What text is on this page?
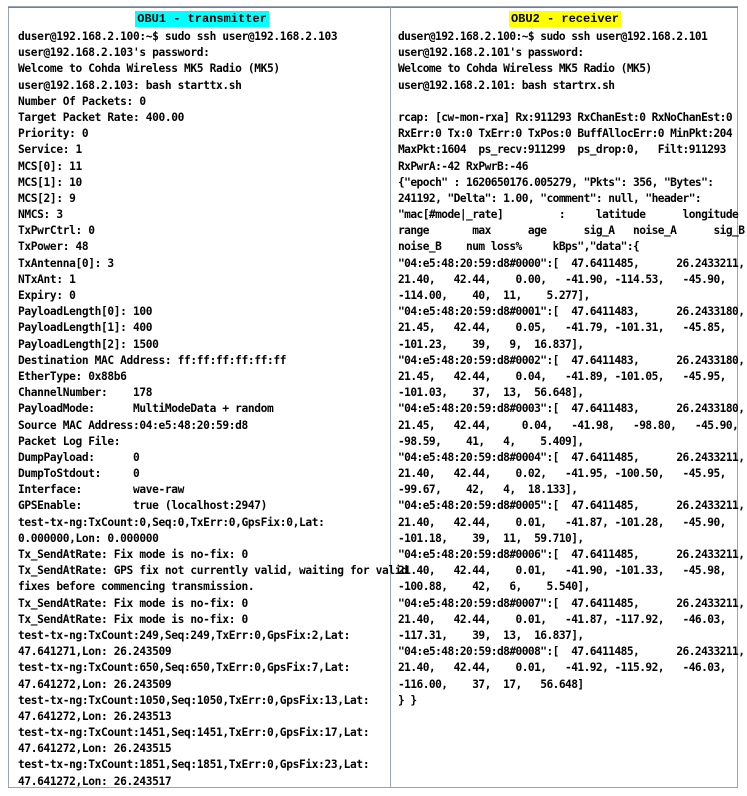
OBU1 - transmitter
duser@192.168.2.100:~$ sudo ssh user@192.168.2.103
user@192.168.2.103's password:
Welcome to Cohda Wireless MK5 Radio (MK5)
user@192.168.2.103: bash starttx.sh
Number Of Packets: 0
Target Packet Rate: 400.00
Priority: 0
Service: 1
MCS[0]: 11
MCS[1]: 10
MCS[2]: 9
NMCS: 3
TxPwrCtrl: 0
TxPower: 48
TxAntenna[0]: 3
NTxAnt: 1
Expiry: 0
PayloadLength[0]: 100
PayloadLength[1]: 400
PayloadLength[2]: 1500
Destination MAC Address: ff:ff:ff:ff:ff:ff
EtherType: 0x88b6
ChannelNumber:    178
PayloadMode:      MultiModeData + random
Source MAC Address:04:e5:48:20:59:d8
Packet Log File:
DumpPayload:      0
DumpToStdout:     0
Interface:        wave-raw
GPSEnable:        true (localhost:2947)
test-tx-ng:TxCount:0,Seq:0,TxErr:0,GpsFix:0,Lat:
0.000000,Lon: 0.000000
Tx_SendAtRate: Fix mode is no-fix: 0
Tx_SendAtRate: GPS fix not currently valid, waiting for valid
fixes before commencing transmission.
Tx_SendAtRate: Fix mode is no-fix: 0
Tx_SendAtRate: Fix mode is no-fix: 0
test-tx-ng:TxCount:249,Seq:249,TxErr:0,GpsFix:2,Lat:
47.641271,Lon: 26.243509
test-tx-ng:TxCount:650,Seq:650,TxErr:0,GpsFix:7,Lat:
47.641272,Lon: 26.243509
test-tx-ng:TxCount:1050,Seq:1050,TxErr:0,GpsFix:13,Lat:
47.641272,Lon: 26.243513
test-tx-ng:TxCount:1451,Seq:1451,TxErr:0,GpsFix:17,Lat:
47.641272,Lon: 26.243515
test-tx-ng:TxCount:1851,Seq:1851,TxErr:0,GpsFix:23,Lat:
47.641272,Lon: 26.243517
OBU2 - receiver
duser@192.168.2.100:~$ sudo ssh user@192.168.2.101
user@192.168.2.101's password:
Welcome to Cohda Wireless MK5 Radio (MK5)
user@192.168.2.101: bash startrx.sh
rcap: [cw-mon-rxa] Rx:911293 RxChanEst:0 RxNoChanEst:0
RxErr:0 Tx:0 TxErr:0 TxPos:0 BuffAllocErr:0 MinPkt:204
MaxPkt:1604  ps_recv:911299  ps_drop:0,   Filt:911293
RxPwrA:-42 RxPwrB:-46
{"epoch" : 1620650176.005279, "Pkts": 356, "Bytes":
241192, "Delta": 1.00, "comment": null, "header":
"mac[#mode|_rate]         :     latitude      longitude
range       max      age      sig_A   noise_A      sig_B
noise_B    num loss%     kBps","data":{
"04:e5:48:20:59:d8#0000":[  47.6411485,      26.2433211,
21.40,   42.44,    0.00,   -41.90, -114.53,   -45.90,
-114.00,    40,  11,    5.277],
"04:e5:48:20:59:d8#0001":[  47.6411483,      26.2433180,
21.45,   42.44,    0.05,   -41.79, -101.31,   -45.85,
-101.23,    39,   9,  16.837],
"04:e5:48:20:59:d8#0002":[  47.6411483,      26.2433180,
21.45,   42.44,    0.04,   -41.89, -101.05,   -45.95,
-101.03,    37,  13,  56.648],
"04:e5:48:20:59:d8#0003":[  47.6411483,      26.2433180,
21.45,   42.44,     0.04,   -41.98,   -98.80,   -45.90,
-98.59,    41,   4,    5.409],
"04:e5:48:20:59:d8#0004":[  47.6411485,      26.2433211,
21.40,   42.44,    0.02,   -41.95, -100.50,   -45.95,
-99.67,    42,   4,  18.133],
"04:e5:48:20:59:d8#0005":[  47.6411485,      26.2433211,
21.40,   42.44,    0.01,   -41.87, -101.28,   -45.90,
-101.18,    39,  11,  59.710],
"04:e5:48:20:59:d8#0006":[  47.6411485,      26.2433211,
21.40,   42.44,    0.01,   -41.90, -101.33,   -45.98,
-100.88,    42,   6,    5.540],
"04:e5:48:20:59:d8#0007":[  47.6411485,      26.2433211,
21.40,   42.44,    0.01,   -41.87, -117.92,   -46.03,
-117.31,    39,  13,  16.837],
"04:e5:48:20:59:d8#0008":[  47.6411485,      26.2433211,
21.40,   42.44,    0.01,   -41.92, -115.92,   -46.03,
-116.00,    37,  17,   56.648]
} }
